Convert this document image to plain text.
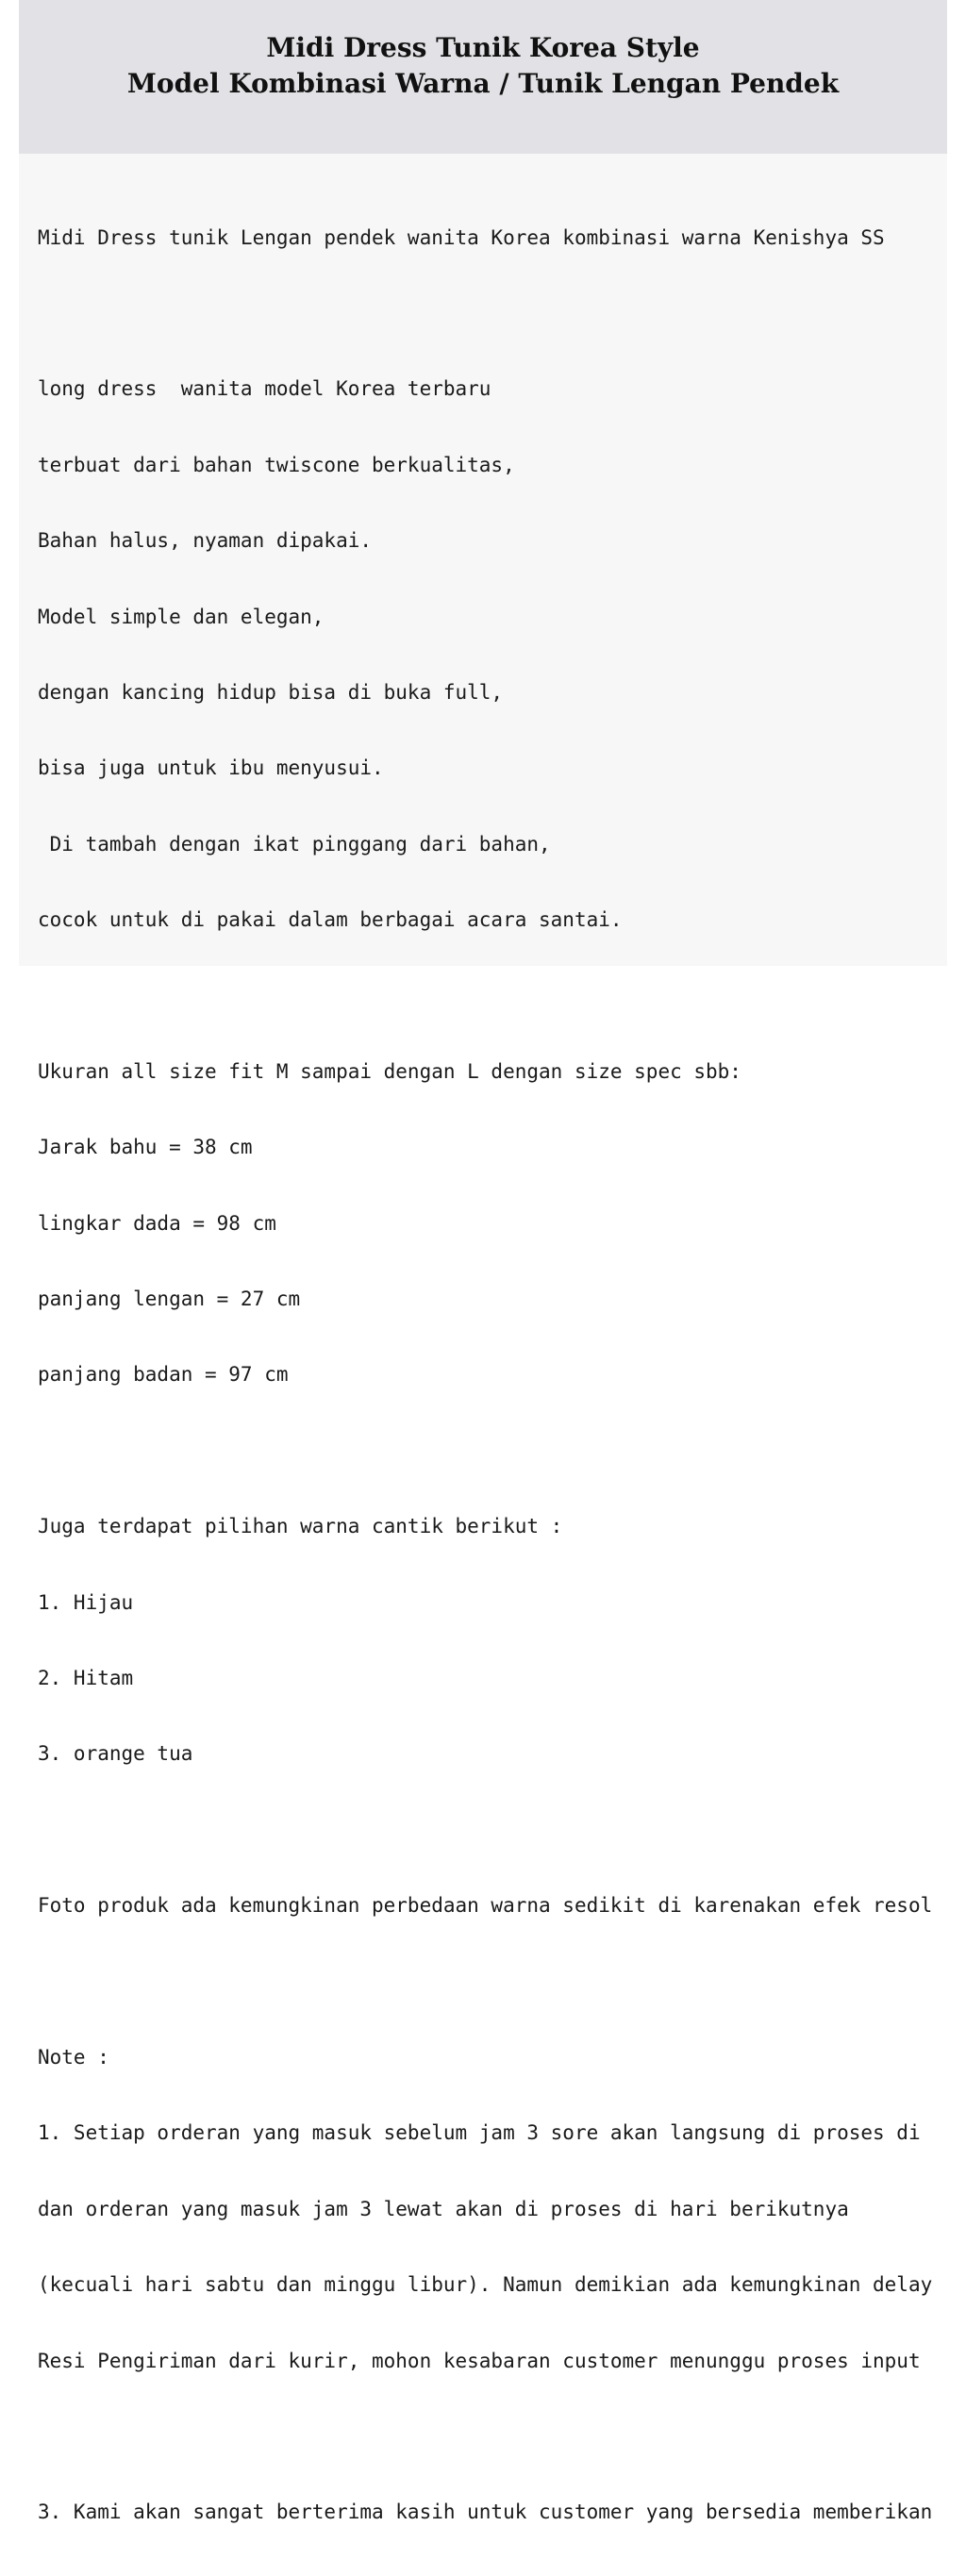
Midi Dress Tunik Korea Style
Model Kombinasi Warna / Tunik Lengan Pendek

Midi Dress tunik Lengan pendek wanita Korea kombinasi warna Kenishya SS

long dress  wanita model Korea terbaru

terbuat dari bahan twiscone berkualitas,

Bahan halus, nyaman dipakai.

Model simple dan elegan,

dengan kancing hidup bisa di buka full,

bisa juga untuk ibu menyusui.

Di tambah dengan ikat pinggang dari bahan,

cocok untuk di pakai dalam berbagai acara santai.

Ukuran all size fit M sampai dengan L dengan size spec sbb:

Jarak bahu = 38 cm

lingkar dada = 98 cm

panjang lengan = 27 cm

panjang badan = 97 cm

Juga terdapat pilihan warna cantik berikut :

1. Hijau

2. Hitam

3. orange tua

Foto produk ada kemungkinan perbedaan warna sedikit di karenakan efek resol

Note :

1. Setiap orderan yang masuk sebelum jam 3 sore akan langsung di proses di

dan orderan yang masuk jam 3 lewat akan di proses di hari berikutnya

(kecuali hari sabtu dan minggu libur). Namun demikian ada kemungkinan delay

Resi Pengiriman dari kurir, mohon kesabaran customer menunggu proses input

3. Kami akan sangat berterima kasih untuk customer yang bersedia memberikan
